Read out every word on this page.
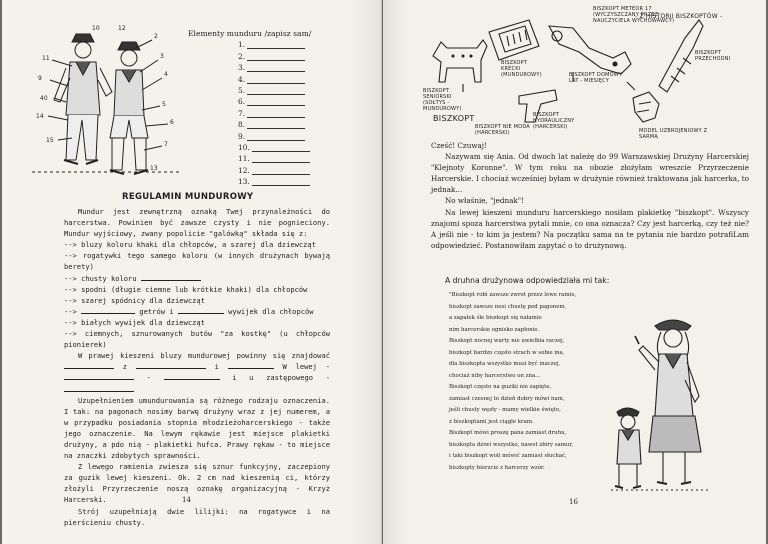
11
9
40
14
15
2
3
4
5
6
7
10	12
13
Elementy munduru /zapisz sam/
1.
2.
3.
4.
5.
6.
7.
8.
9.
10.
11.
12.
13.
REGULAMIN MUNDUROWY

Mundur jest zewnętrzną oznaką Twej przynależności do harcerstwa. Powinien być zawsze czysty i nie pognieciony. Mundur wyjściowy, zwany popolicie "galówką" składa się z:

--> bluzy koloru khaki dla chłopców, a szarej dla dziewcząt
--> rogatywki tego samego koloru (w innych drużynach bywają berety)
--> chusty koloru
--> spodni (długie ciemne lub krótkie khaki) dla chłopców
--> szarej spódnicy dla dziewcząt
-->	getrów i	wywijek dla chłopców
--> białych wywijek dla dziewcząt
--> ciemnych, sznurowanych butów "za kostkę" (u chłopców pionierek)

W prawej kieszeni bluzy mundurowej powinny się znajdować  z	i	W lewej -  -	i u zastępowego -

Uzupełnieniem umundurowania są różnego rodzaju oznaczenia. I tak: na pagonach nosimy barwę drużyny wraz z jej numerem, a w przypadku posiadania stopnia młodzieżoharcerskiego - także jego oznaczenie. Na lewym rękawie jest miejsce plakietki drużyny, a pdo nią - plakietki hufca. Prawy rękaw - to miejsce na znaczki zdobytych sprawności.

Z lewego ramienia zwiesza się sznur funkcyjny, zaczepiony za guzik lewej kieszeni. Ok. 2 cm nad kieszenią ci, którzy złożyli Przyrzeczenie noszą oznakę organizacyjną - Krzyż Harcerski.

Strój uzupełniają dwie lilijki: na rogatywce i na pierścieniu chusty.

14
- Z HISTORII BISZKOPTÓW -
BISZKOPT SENIORSKI (SOŁTYS - MUNDUROWY)
BISZKOPT KRECKI (MUNDUROWY)
BISZKOPT METEOR 17 (WYCZYSZCZANY PRZEZ NAUCZYCIELA WYCHOWAWCY)
BISZKOPT PRZECHODNI
BISZKOPT HYDRAULICZNY (HARCERSKI)
MODEL UZBROJENIOWY Z SARMĄ
BISZKOPT DOMOWY LAT - MIESIĘCY
BISZKOPT NIE MODA (HARCERSKI)
BISZKOPT

Cześć! Czuwaj!

Nazywam się Ania. Od dwoch lat należę do 99 Warszawskiej Drużyny Harcerskiej "Klejnoty Koronne". W tym roku na obozie złożyłam wreszcie Przyrzeczenie Harcerskie. I chociaż wcześniej byłam w drużynie również traktowana jak harcerka, to jednak...

No właśnie, "jednak"!

Na lewej kieszeni munduru harcerskiego nosiłam plakietkę "biszkopt". Wszyscy znajomi spoza harcerstwa pytali mnie, co ona oznacza? Czy jest harcerką, czy też nie? A jeśli nie - to kim ja jestem? Na początku sama na te pytania nie bardzo potrafiLam odpowiedzieć. Postanowiłam zapytać o to drużynową.

A druhna drużynowa odpowiedziała mi tak:
"Biszkopt robi zawsze zwrot przez lewe ramie,
biszkopt zawsze nosi chustę pod pagonem,
a zapałek śle biszkopt się nałamie
nim harcerskie ognisko zapłonie.
Biszkopt nocnej warty nie uwielbia raczej,
biszkopt bardzo często strach w sobie ma,
dla biszkopta wszystko musi być inaczej,
chociaż niby harcerstwo on zna...
Biszkopt często na guziki nie zapięte,
zamiast czesnej to dzień dobry mówi nam,
jeśli chusty węzły - mamy wielkie święto,
z biszkoptami jest ciągle kram.
Biszkopt mówi proszę pana zamiast druhu,
biszkopta dziwi wszystko, nawet zbiry samur,
i taki biszkopt woli mówić zamiast słuchać,
biszkopty bierzcie z harcerzy wzór.
16
